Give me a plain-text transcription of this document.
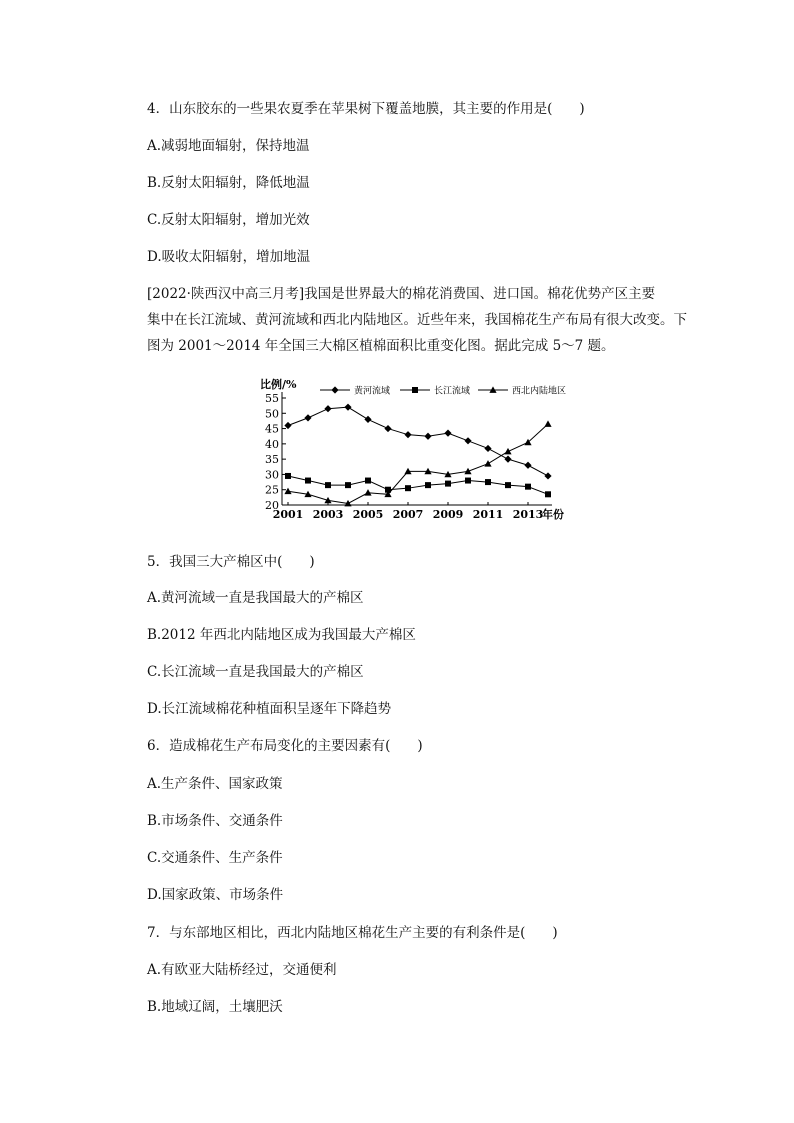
4．山东胶东的一些果农夏季在苹果树下覆盖地膜，其主要的作用是(　　)
A.减弱地面辐射，保持地温
B.反射太阳辐射，降低地温
C.反射太阳辐射，增加光效
D.吸收太阳辐射，增加地温
[2022·陕西汉中高三月考]我国是世界最大的棉花消费国、进口国。棉花优势产区主要
集中在长江流域、黄河流域和西北内陆地区。近些年来，我国棉花生产布局有很大改变。下
图为 2001～2014 年全国三大棉区植棉面积比重变化图。据此完成 5～7 题。
20
25
30
35
40
45
50
55
2001 2003 2005 2007 2009 2011 2013
比例/%
年份
黄河流域	长江流域	西北内陆地区
5．我国三大产棉区中(　　)
A.黄河流域一直是我国最大的产棉区
B.2012 年西北内陆地区成为我国最大产棉区
C.长江流域一直是我国最大的产棉区
D.长江流域棉花种植面积呈逐年下降趋势
6．造成棉花生产布局变化的主要因素有(　　)
A.生产条件、国家政策
B.市场条件、交通条件
C.交通条件、生产条件
D.国家政策、市场条件
7．与东部地区相比，西北内陆地区棉花生产主要的有利条件是(　　)
A.有欧亚大陆桥经过，交通便利
B.地域辽阔，土壤肥沃
